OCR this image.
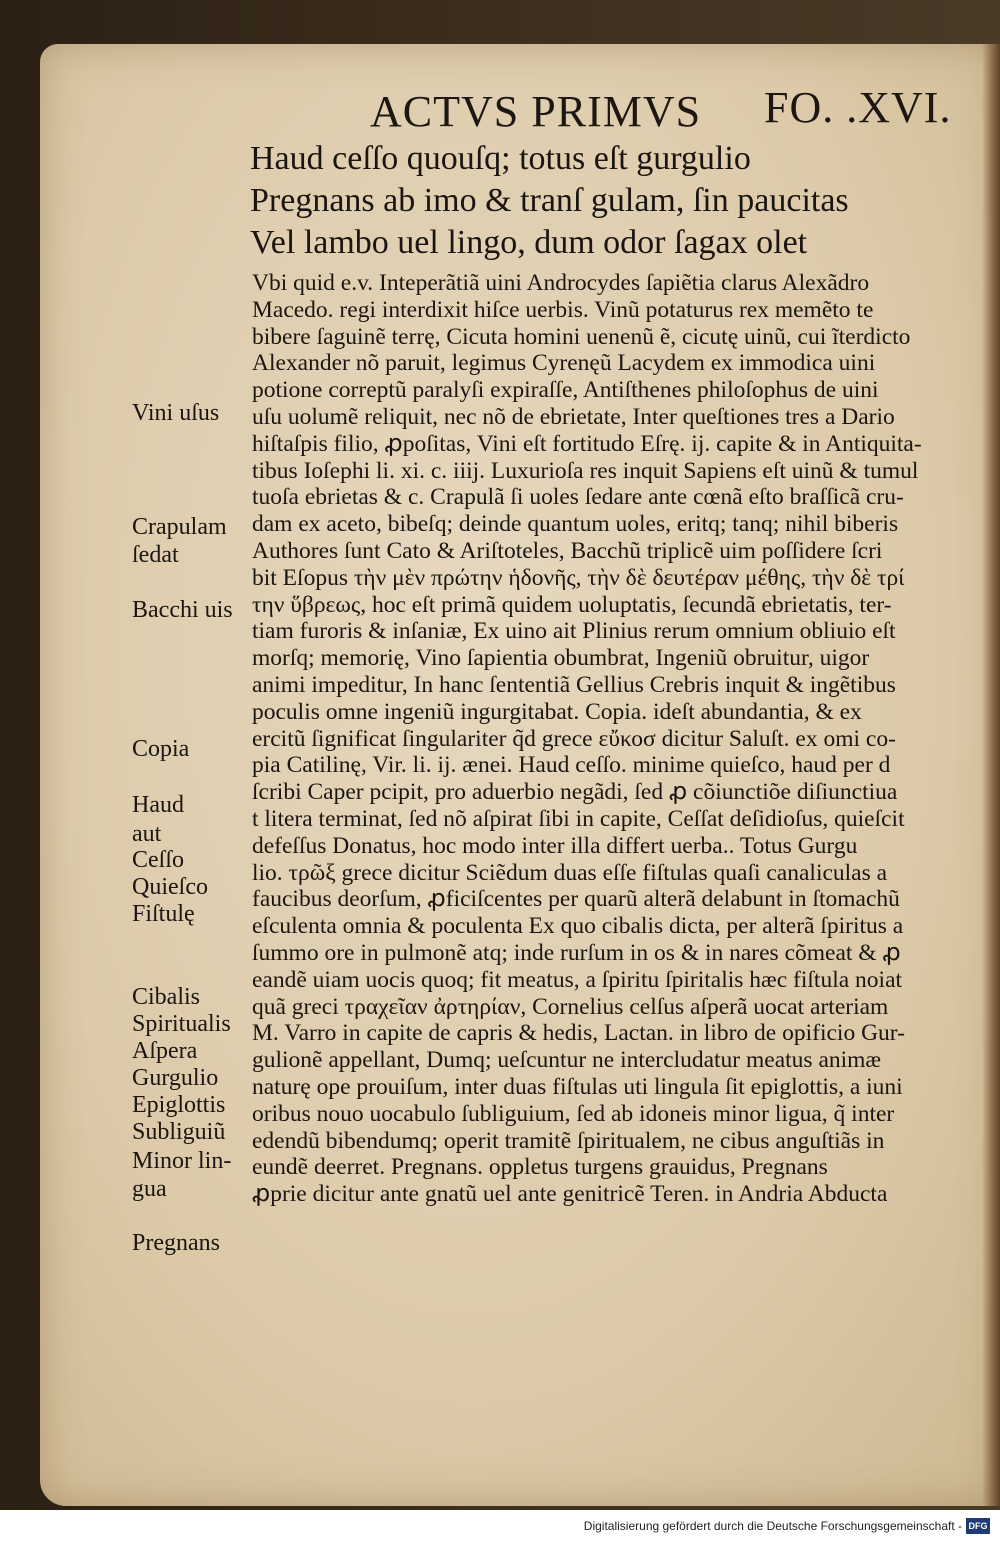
ACTVS PRIMVS FO. .XVI.
Haud ceſſo quouſq; totus eſt gurgulio
Pregnans ab imo & tranſ gulam, ſin paucitas
Vel lambo uel lingo, dum odor ſagax olet
Vbi quid e.v. Inteperãtiã uini Androcydes ſapiẽtia clarus Alexãdro
Macedo. regi interdixit hiſce uerbis. Vinũ potaturus rex memẽto te
bibere ſaguinẽ terrę, Cicuta homini uenenũ ẽ, cicutę uinũ, cui ĩterdicto
Alexander nõ paruit, legimus Cyrenęũ Lacydem ex immodica uini
potione correptũ paralyſi expiraſſe, Antiſthenes philoſophus de uini
uſu uolumẽ reliquit, nec nõ de ebrietate, Inter queſtiones tres a Dario
hiſtaſpis filio, ꝓpoſitas, Vini eſt fortitudo Eſrę. ij. capite & in Antiquita-
tibus Ioſephi li. xi. c. iiij. Luxurioſa res inquit Sapiens eſt uinũ & tumul
tuoſa ebrietas & c. Crapulã ſi uoles ſedare ante cœnã eſto braſſicã cru-
dam ex aceto, bibeſq; deinde quantum uoles, eritq; tanq; nihil biberis
Authores ſunt Cato & Ariſtoteles, Bacchũ triplicẽ uim poſſidere ſcri
bit Eſopus τὴν μὲν πρώτην ἡδονῆς, τὴν δὲ δευτέραν μέθης, τὴν δὲ τρί
την ὕβρεως, hoc eſt primã quidem uoluptatis, ſecundã ebrietatis, ter-
tiam furoris & inſaniæ, Ex uino ait Plinius rerum omnium obliuio eſt
morſq; memorię, Vino ſapientia obumbrat, Ingeniũ obruitur, uigor
animi impeditur, In hanc ſententiã Gellius Crebris inquit & ingẽtibus
poculis omne ingeniũ ingurgitabat. Copia. ideſt abundantia, & ex
ercitũ ſignificat ſingulariter q̃d grece εὔκοσ dicitur Saluſt. ex omi co-
pia Catilinę, Vir. li. ij. ænei. Haud ceſſo. minime quieſco, haud per d
ſcribi Caper pcipit, pro aduerbio negãdi, ſed ꝓ cõiunctiõe diſiunctiua
t litera terminat, ſed nõ aſpirat ſibi in capite, Ceſſat deſidioſus, quieſcit
defeſſus Donatus, hoc modo inter illa differt uerba.. Totus Gurgu
lio. τρῶξ grece dicitur Sciẽdum duas eſſe fiſtulas quaſi canaliculas a
faucibus deorſum, ꝓficiſcentes per quarũ alterã delabunt in ſtomachũ
eſculenta omnia & poculenta Ex quo cibalis dicta, per alterã ſpiritus a
ſummo ore in pulmonẽ atq; inde rurſum in os & in nares cõmeat & ꝓ
eandẽ uiam uocis quoq; fit meatus, a ſpiritu ſpiritalis hæc fiſtula noiat
quã greci τραχεῖαν ἀρτηρίαν, Cornelius celſus aſperã uocat arteriam
M. Varro in capite de capris & hedis, Lactan. in libro de opificio Gur-
gulionẽ appellant, Dumq; ueſcuntur ne intercludatur meatus animæ
naturę ope prouiſum, inter duas fiſtulas uti lingula ſit epiglottis, a iuni
oribus nouo uocabulo ſubliguium, ſed ab idoneis minor ligua, q̃ inter
edendũ bibendumq; operit tramitẽ ſpiritualem, ne cibus anguſtiãs in
eundẽ deerret. Pregnans. oppletus turgens grauidus, Pregnans
ꝓprie dicitur ante gnatũ uel ante genitricẽ Teren. in Andria Abducta
Vini uſus
Crapulam
ſedat
Bacchi uis
Copia
Haud
aut
Ceſſo
Quieſco
Fiſtulę
Cibalis
Spiritualis
Aſpera
Gurgulio
Epiglottis
Subliguiũ
Minor lin-
gua
Pregnans
Digitalisierung gefördert durch die Deutsche Forschungsgemeinschaft - DFG
